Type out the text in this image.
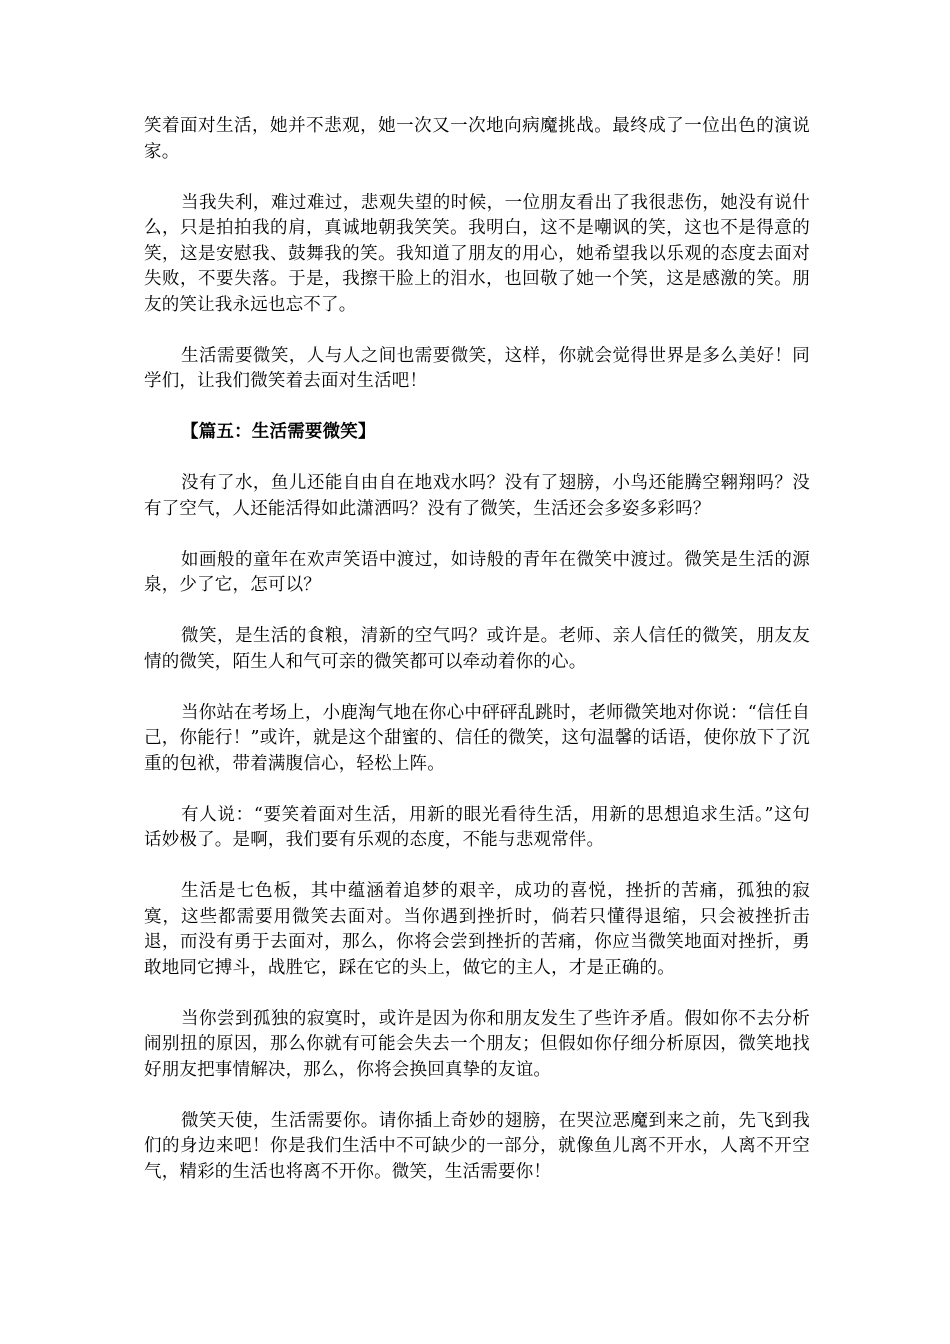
笑着面对生活，她并不悲观，她一次又一次地向病魔挑战。最终成了一位出色的演说家。

当我失利，难过难过，悲观失望的时候，一位朋友看出了我很悲伤，她没有说什么，只是拍拍我的肩，真诚地朝我笑笑。我明白，这不是嘲讽的笑，这也不是得意的笑，这是安慰我、鼓舞我的笑。我知道了朋友的用心，她希望我以乐观的态度去面对失败，不要失落。于是，我擦干脸上的泪水，也回敬了她一个笑，这是感激的笑。朋友的笑让我永远也忘不了。

生活需要微笑，人与人之间也需要微笑，这样，你就会觉得世界是多么美好！同学们，让我们微笑着去面对生活吧！

【篇五：生活需要微笑】

没有了水，鱼儿还能自由自在地戏水吗？没有了翅膀，小鸟还能腾空翱翔吗？没有了空气，人还能活得如此潇洒吗？没有了微笑，生活还会多姿多彩吗？

如画般的童年在欢声笑语中渡过，如诗般的青年在微笑中渡过。微笑是生活的源泉，少了它，怎可以？

微笑，是生活的食粮，清新的空气吗？或许是。老师、亲人信任的微笑，朋友友情的微笑，陌生人和气可亲的微笑都可以牵动着你的心。

当你站在考场上，小鹿淘气地在你心中砰砰乱跳时，老师微笑地对你说：“信任自己，你能行！”或许，就是这个甜蜜的、信任的微笑，这句温馨的话语，使你放下了沉重的包袱，带着满腹信心，轻松上阵。

有人说：“要笑着面对生活，用新的眼光看待生活，用新的思想追求生活。”这句话妙极了。是啊，我们要有乐观的态度，不能与悲观常伴。

生活是七色板，其中蕴涵着追梦的艰辛，成功的喜悦，挫折的苦痛，孤独的寂寞，这些都需要用微笑去面对。当你遇到挫折时，倘若只懂得退缩，只会被挫折击退，而没有勇于去面对，那么，你将会尝到挫折的苦痛，你应当微笑地面对挫折，勇敢地同它搏斗，战胜它，踩在它的头上，做它的主人，才是正确的。

当你尝到孤独的寂寞时，或许是因为你和朋友发生了些许矛盾。假如你不去分析闹别扭的原因，那么你就有可能会失去一个朋友；但假如你仔细分析原因，微笑地找好朋友把事情解决，那么，你将会换回真挚的友谊。

微笑天使，生活需要你。请你插上奇妙的翅膀，在哭泣恶魔到来之前，先飞到我们的身边来吧！你是我们生活中不可缺少的一部分，就像鱼儿离不开水，人离不开空气，精彩的生活也将离不开你。微笑，生活需要你！
